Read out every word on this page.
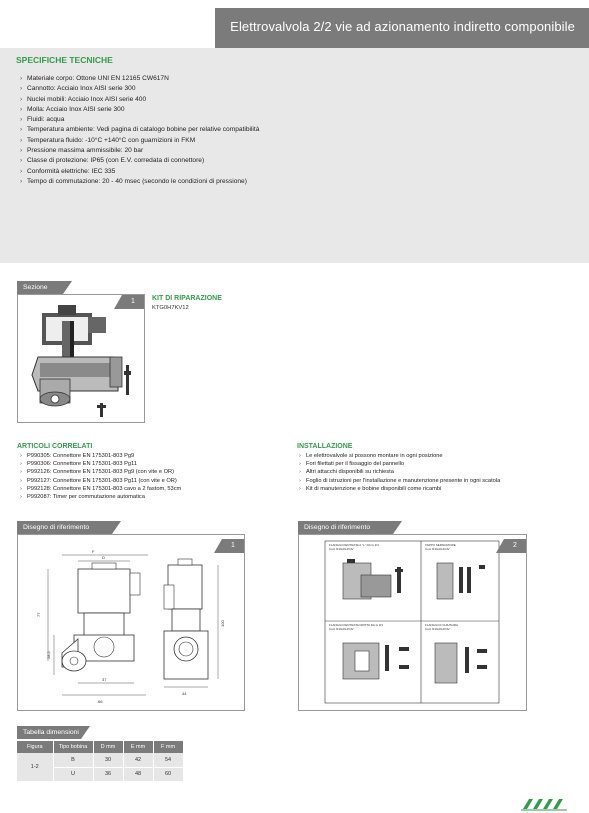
Elettrovalvola 2/2 vie ad azionamento indiretto componibile
SPECIFICHE TECNICHE
› Materiale corpo: Ottone UNI EN 12165 CW617N
› Cannotto: Acciaio Inox AISI serie 300
› Nuclei mobili: Acciaio Inox AISI serie 400
› Molla: Acciaio Inox AISI serie 300
› Fluidi: acqua
› Temperatura ambiente: Vedi pagina di catalogo bobine per relative compatibilità
› Temperatura fluido: -10°C +140°C con guarnizioni in FKM
› Pressione massima ammissibile: 20 bar
› Classe di protezione: IP65 (con E.V. corredata di connettore)
› Conformità elettriche: IEC 335
› Tempo di commutazione: 20 - 40 msec (secondo le condizioni di pressione)
Sezione
1	KIT DI RIPARAZIONE
KTG0H7KV12
ARTICOLI CORRELATI
› P990305: Connettore EN 175301-803 Pg9
› P990306: Connettore EN 175301-803 Pg11
› P992126: Connettore EN 175301-803 Pg9 (con vite e OR)
› P992127: Connettore EN 175301-803 Pg11 (con vite e OR)
› P992128: Connettore EN 175301-803 cavo a 2 fastom, 53cm
› P992087: Timer per commutazione automatica
INSTALLAZIONE
› Le elettrovalvole si possono montare in ogni posizione
› Fori filettati per il fissaggio del pannello
› Altri attacchi disponibili su richiesta
› Foglio di istruzioni per l'installazione e manutenzione presente in ogni scatola
› Kit di manutenzione e bobine disponibili come ricambi
Disegno di riferimento
1
F
D
77
28,5
37
66
100
44
Disegno di riferimento
2
FLANGIA D'ENTRATA A "L" DA G 3/4
Cod. R4G2G4V4V
TAPPO SEPARATORE
Cod. R4G2G4V4V
FLANGIA D'ENTRATA DRITTA DA G 3/4
Cod. R4G2G4V4V
FLANGIA DI CHIUSURA
Cod. R4G2G4V4V
Tabella dimensioni
Figura	Tipo bobina	D mm	E mm	F mm
1-2	B	30	42	54
	U	36	48	60
